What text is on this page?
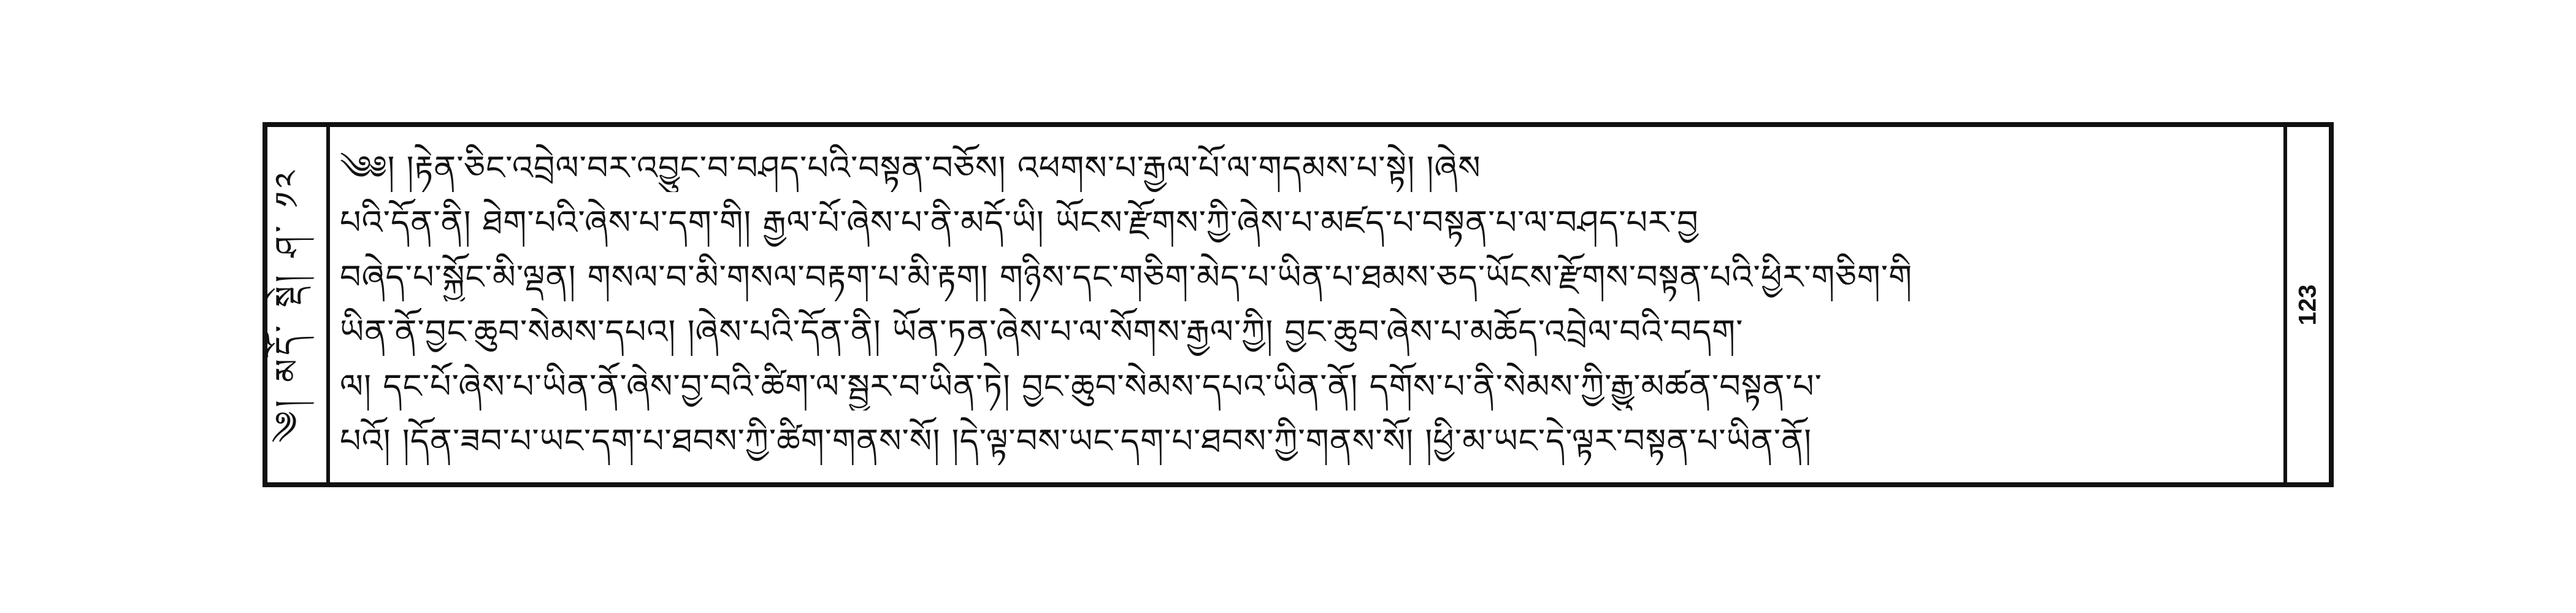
༄། མདོ་ སྡེ། ཤ་ ༡༢	༄༅། །རྟེན་ཅིང་འབྲེལ་བར་འབྱུང་བ་བཤད་པའི་བསྟན་བཅོས། འཕགས་པ་རྒྱལ་པོ་ལ་གདམས་པ་སྟེ། །ཞེས
པའི་དོན་ནི། ཐེག་པའི་ཞེས་པ་དག་གི། རྒྱལ་པོ་ཞེས་པ་ནི་མདོ་ཡི། ཡོངས་རྫོགས་ཀྱི་ཞེས་པ་མཛད་པ་བསྟན་པ་ལ་བཤད་པར་བྱ
བཞེད་པ་སྐྱོང་མི་ལྡན། གསལ་བ་མི་གསལ་བརྟག་པ་མི་རྟག། གཉིས་དང་གཅིག་མེད་པ་ཡིན་པ་ཐམས་ཅད་ཡོངས་རྫོགས་བསྟན་པའི་ཕྱིར་གཅིག་གི
ཡིན་ནོ་བྱང་ཆུབ་སེམས་དཔའ། །ཞེས་པའི་དོན་ནི། ཡོན་ཏན་ཞེས་པ་ལ་སོགས་རྒྱལ་ཀྱི། བྱང་ཆུབ་ཞེས་པ་མཆོད་འབྲེལ་བའི་བདག་
ལ། དང་པོ་ཞེས་པ་ཡིན་ནོ་ཞེས་བྱ་བའི་ཚིག་ལ་སྦྱར་བ་ཡིན་ཏེ། བྱང་ཆུབ་སེམས་དཔའ་ཡིན་ནོ། དགོས་པ་ནི་སེམས་ཀྱི་རྒྱུ་མཚན་བསྟན་པ་
པའོ། །དོན་ཟབ་པ་ཡང་དག་པ་ཐབས་ཀྱི་ཚིག་གནས་སོ། །དེ་ལྟ་བས་ཡང་དག་པ་ཐབས་ཀྱི་གནས་སོ། །ཕྱི་མ་ཡང་དེ་ལྟར་བསྟན་པ་ཡིན་ནོ།
123
